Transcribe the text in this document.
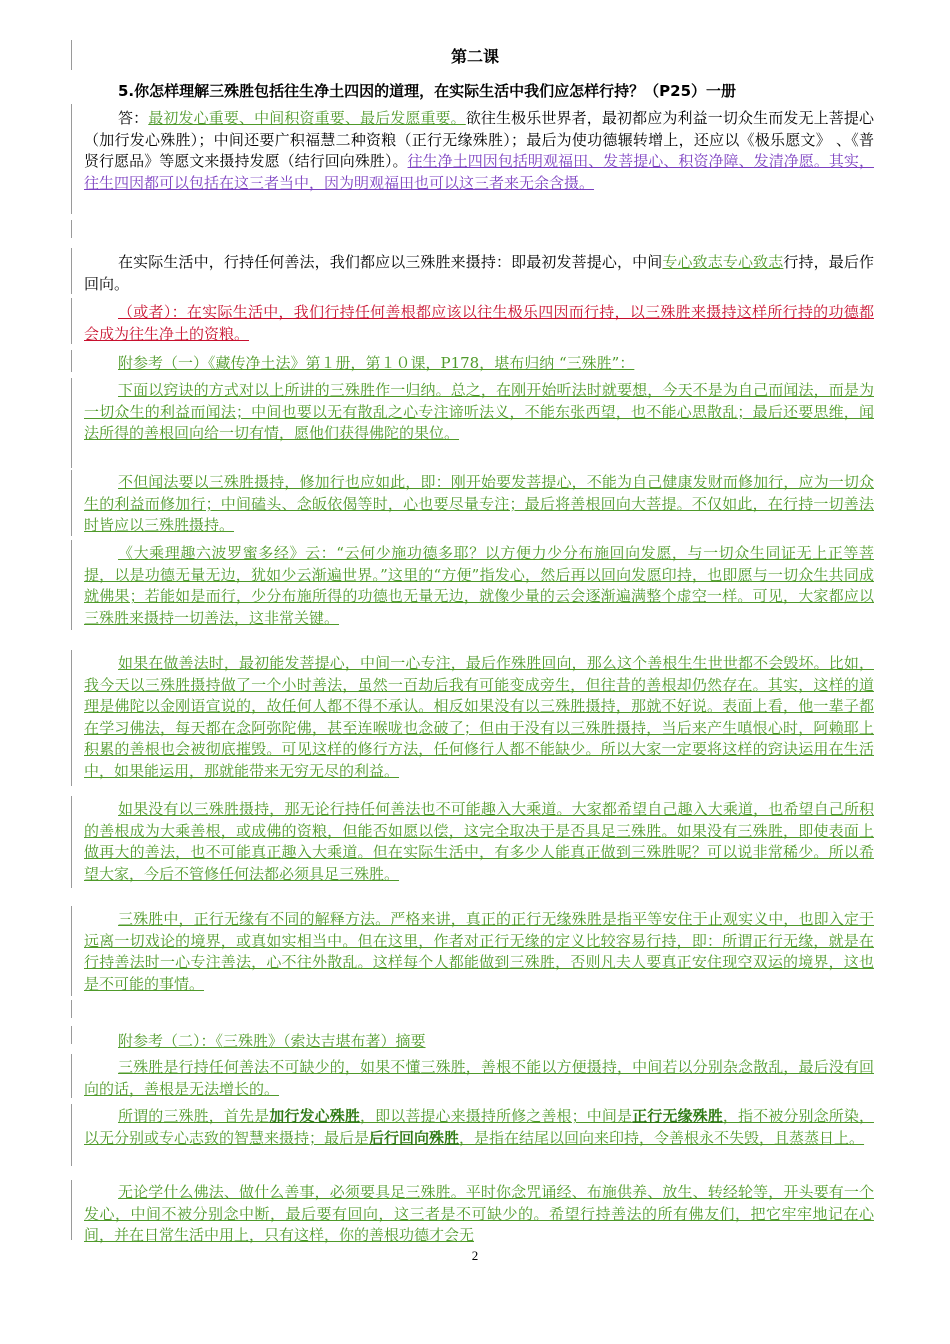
第二课
5.你怎样理解三殊胜包括往生净土四因的道理，在实际生活中我们应怎样行持？（P25）一册

答：最初发心重要、中间积资重要、最后发愿重要。欲往生极乐世界者，最初都应为利益一切众生而发无上菩提心（加行发心殊胜）；中间还要广积福慧二种资粮（正行无缘殊胜）；最后为使功德辗转增上，还应以《极乐愿文》 、《普贤行愿品》等愿文来摄持发愿（结行回向殊胜）。往生净土四因包括明观福田、发菩提心、积资净障、发清净愿。其实，往生四因都可以包括在这三者当中，因为明观福田也可以这三者来无余含摄。

在实际生活中，行持任何善法，我们都应以三殊胜来摄持：即最初发菩提心，中间专心致志专心致志行持，最后作回向。

（或者）：在实际生活中，我们行持任何善根都应该以往生极乐四因而行持，以三殊胜来摄持这样所行持的功德都会成为往生净土的资粮。

附参考（一）《藏传净土法》第１册，第１０课，P178，堪布归纳 “三殊胜”：

下面以窍诀的方式对以上所讲的三殊胜作一归纳。总之，在刚开始听法时就要想，今天不是为自己而闻法，而是为一切众生的利益而闻法；中间也要以无有散乱之心专注谛听法义，不能东张西望，也不能心思散乱；最后还要思维，闻法所得的善根回向给一切有情，愿他们获得佛陀的果位。

不但闻法要以三殊胜摄持，修加行也应如此，即：刚开始要发菩提心，不能为自己健康发财而修加行，应为一切众生的利益而修加行；中间磕头、念皈依偈等时，心也要尽量专注；最后将善根回向大菩提。不仅如此，在行持一切善法时皆应以三殊胜摄持。

《大乘理趣六波罗蜜多经》云：“云何少施功德多耶？以方便力少分布施回向发愿，与一切众生同证无上正等菩提，以是功德无量无边，犹如少云渐遍世界。”这里的“方便”指发心，然后再以回向发愿印持，也即愿与一切众生共同成就佛果；若能如是而行，少分布施所得的功德也无量无边，就像少量的云会逐渐遍满整个虚空一样。可见，大家都应以三殊胜来摄持一切善法，这非常关键。

如果在做善法时，最初能发菩提心，中间一心专注，最后作殊胜回向，那么这个善根生生世世都不会毁坏。比如，我今天以三殊胜摄持做了一个小时善法，虽然一百劫后我有可能变成旁生，但往昔的善根却仍然存在。其实，这样的道理是佛陀以金刚语宣说的，故任何人都不得不承认。相反如果没有以三殊胜摄持，那就不好说。表面上看，他一辈子都在学习佛法，每天都在念阿弥陀佛，甚至连喉咙也念破了；但由于没有以三殊胜摄持，当后来产生嗔恨心时，阿赖耶上积累的善根也会被彻底摧毁。可见这样的修行方法，任何修行人都不能缺少。所以大家一定要将这样的窍诀运用在生活中，如果能运用，那就能带来无穷无尽的利益。

如果没有以三殊胜摄持，那无论行持任何善法也不可能趣入大乘道。大家都希望自己趣入大乘道，也希望自己所积的善根成为大乘善根，或成佛的资粮，但能否如愿以偿，这完全取决于是否具足三殊胜。如果没有三殊胜，即使表面上做再大的善法，也不可能真正趣入大乘道。但在实际生活中，有多少人能真正做到三殊胜呢？可以说非常稀少。所以希望大家，今后不管修任何法都必须具足三殊胜。

三殊胜中，正行无缘有不同的解释方法。严格来讲，真正的正行无缘殊胜是指平等安住于止观实义中，也即入定于远离一切戏论的境界，或真如实相当中。但在这里，作者对正行无缘的定义比较容易行持，即：所谓正行无缘，就是在行持善法时一心专注善法，心不往外散乱。这样每个人都能做到三殊胜，否则凡夫人要真正安住现空双运的境界，这也是不可能的事情。

附参考（二）：《三殊胜》（索达吉堪布著）摘要

三殊胜是行持任何善法不可缺少的，如果不懂三殊胜，善根不能以方便摄持，中间若以分别杂念散乱，最后没有回向的话，善根是无法增长的。

所谓的三殊胜，首先是加行发心殊胜，即以菩提心来摄持所修之善根；中间是正行无缘殊胜，指不被分别念所染，以无分别或专心志致的智慧来摄持；最后是后行回向殊胜，是指在结尾以回向来印持，令善根永不失毁，且蒸蒸日上。

无论学什么佛法、做什么善事，必须要具足三殊胜。平时你念咒诵经、布施供养、放生、转经轮等，开头要有一个发心，中间不被分别念中断，最后要有回向，这三者是不可缺少的。希望行持善法的所有佛友们，把它牢牢地记在心间，并在日常生活中用上，只有这样，你的善根功德才会无

2
